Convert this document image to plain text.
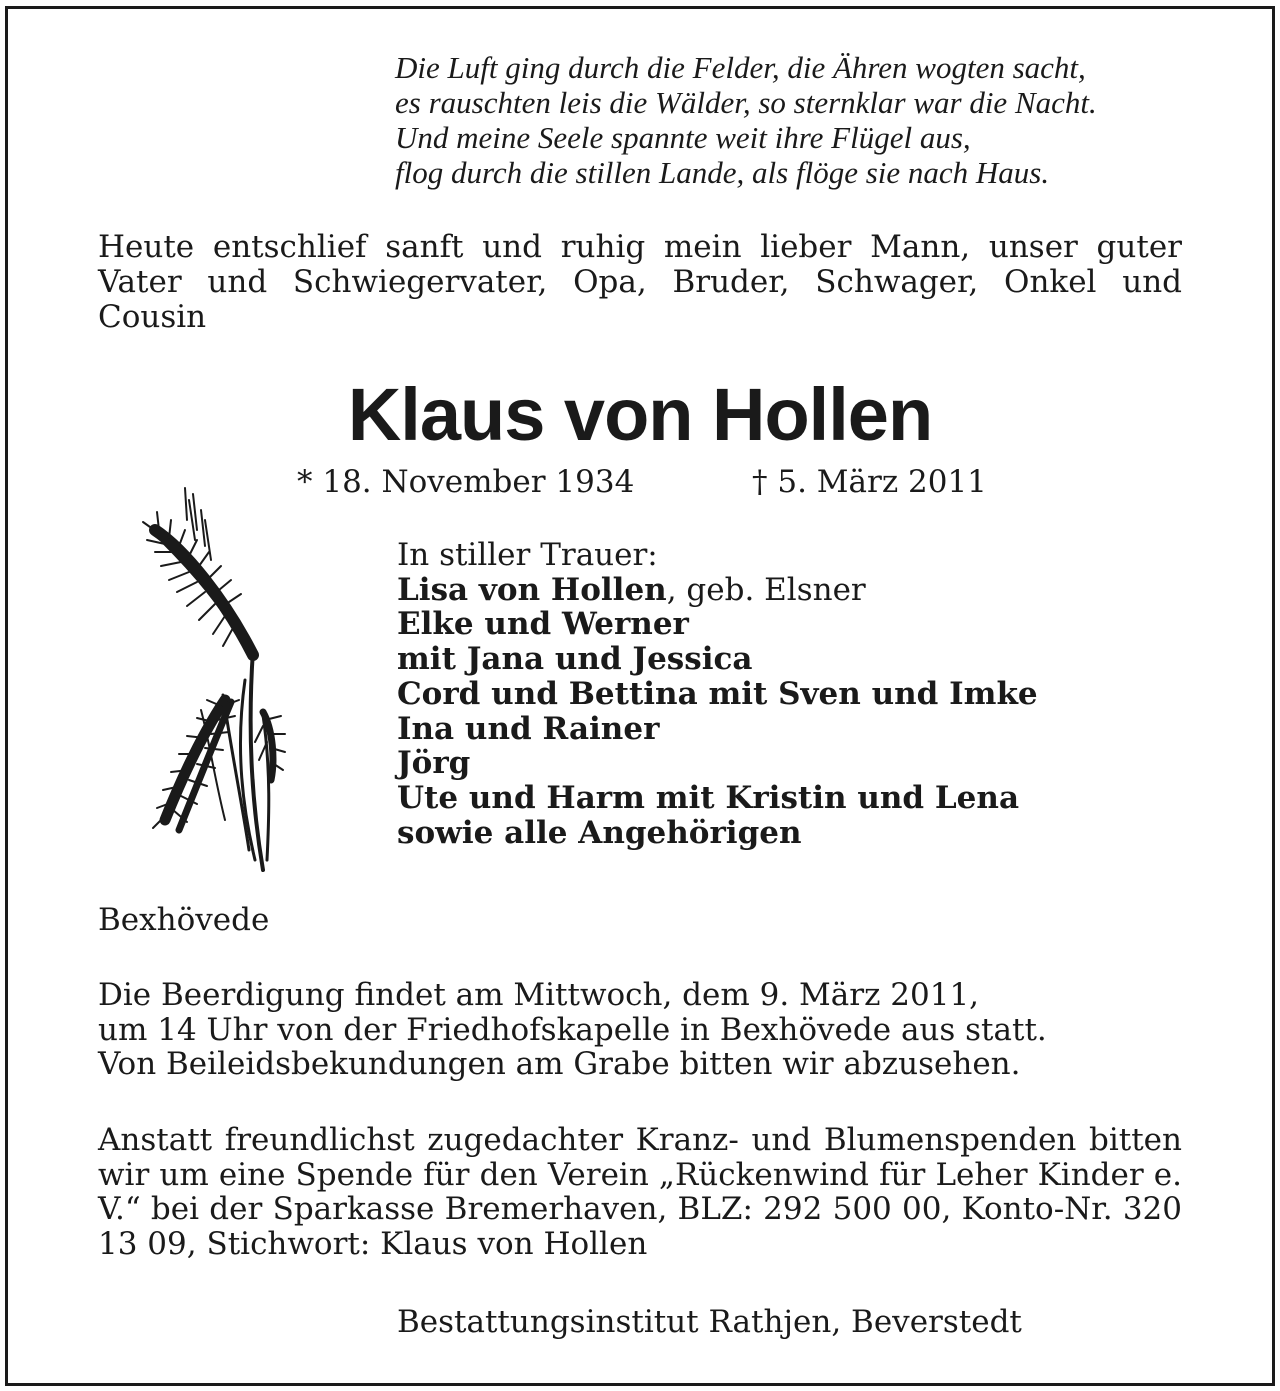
Die Luft ging durch die Felder, die Ähren wogten sacht,
es rauschten leis die Wälder, so sternklar war die Nacht.
Und meine Seele spannte weit ihre Flügel aus,
flog durch die stillen Lande, als flöge sie nach Haus.
Heute entschlief sanft und ruhig mein lieber Mann, unser guter Vater und Schwiegervater, Opa, Bruder, Schwager, Onkel und Cousin
Klaus von Hollen
* 18. November 1934	† 5. März 2011
In stiller Trauer:
Lisa von Hollen, geb. Elsner
Elke und Werner
mit Jana und Jessica
Cord und Bettina mit Sven und Imke
Ina und Rainer
Jörg
Ute und Harm mit Kristin und Lena
sowie alle Angehörigen
Bexhövede
Die Beerdigung findet am Mittwoch, dem 9. März 2011,
um 14 Uhr von der Friedhofskapelle in Bexhövede aus statt.
Von Beileidsbekundungen am Grabe bitten wir abzusehen.
Anstatt freundlichst zugedachter Kranz- und Blumenspenden bitten wir um eine Spende für den Verein „Rückenwind für Leher Kinder e. V.“ bei der Sparkasse Bremerhaven, BLZ: 292 500 00, Konto-Nr. 320 13 09, Stichwort: Klaus von Hollen
Bestattungsinstitut Rathjen, Beverstedt
